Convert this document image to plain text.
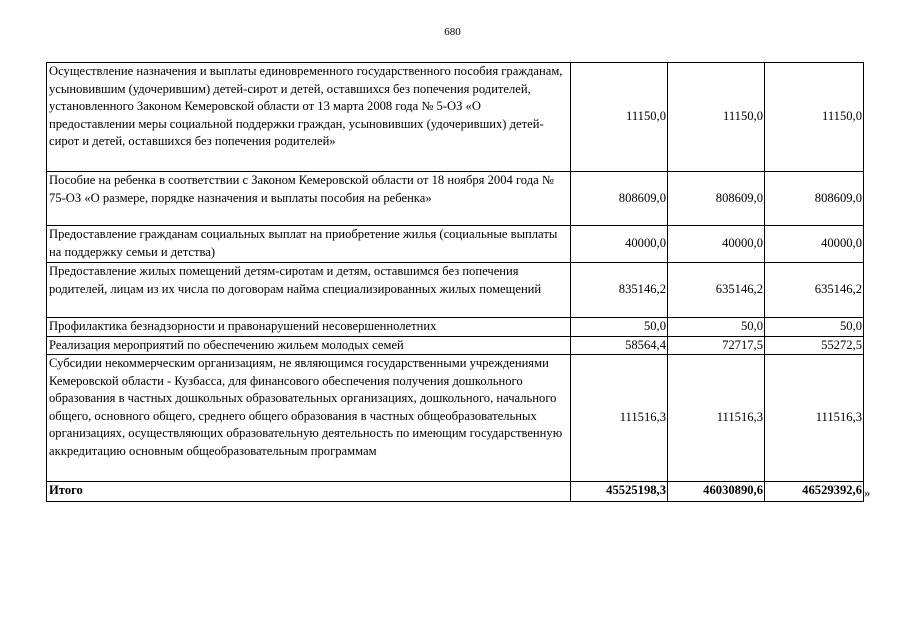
680
Осуществление назначения и выплаты единовременного государственного пособия гражданам, усыновившим (удочерившим) детей-сирот и детей, оставшихся без попечения родителей, установленного Законом Кемеровской области от 13 марта 2008 года № 5-ОЗ «О предоставлении меры социальной поддержки граждан, усыновивших (удочеривших) детей-сирот и детей, оставшихся без попечения родителей»	11150,0	11150,0	11150,0
Пособие на ребенка в соответствии с Законом Кемеровской области от 18 ноября 2004 года № 75-ОЗ «О размере, порядке назначения и выплаты пособия на ребенка»	808609,0	808609,0	808609,0
Предоставление гражданам социальных выплат на приобретение жилья (социальные выплаты на поддержку семьи и детства)	40000,0	40000,0	40000,0
Предоставление жилых помещений детям-сиротам и детям, оставшимся без попечения родителей, лицам из их числа по договорам найма специализированных жилых помещений	835146,2	635146,2	635146,2
Профилактика безнадзорности и правонарушений несовершеннолетних	50,0	50,0	50,0
Реализация мероприятий по обеспечению жильем молодых семей	58564,4	72717,5	55272,5
Субсидии некоммерческим организациям, не являющимся государственными учреждениями Кемеровской области - Кузбасса, для финансового обеспечения получения дошкольного образования в частных дошкольных образовательных организациях, дошкольного, начального общего, основного общего, среднего общего образования в частных общеобразовательных организациях, осуществляющих образовательную деятельность по имеющим государственную аккредитацию основным общеобразовательным программам	111516,3	111516,3	111516,3
Итого	45525198,3	46030890,6	46529392,6 »
